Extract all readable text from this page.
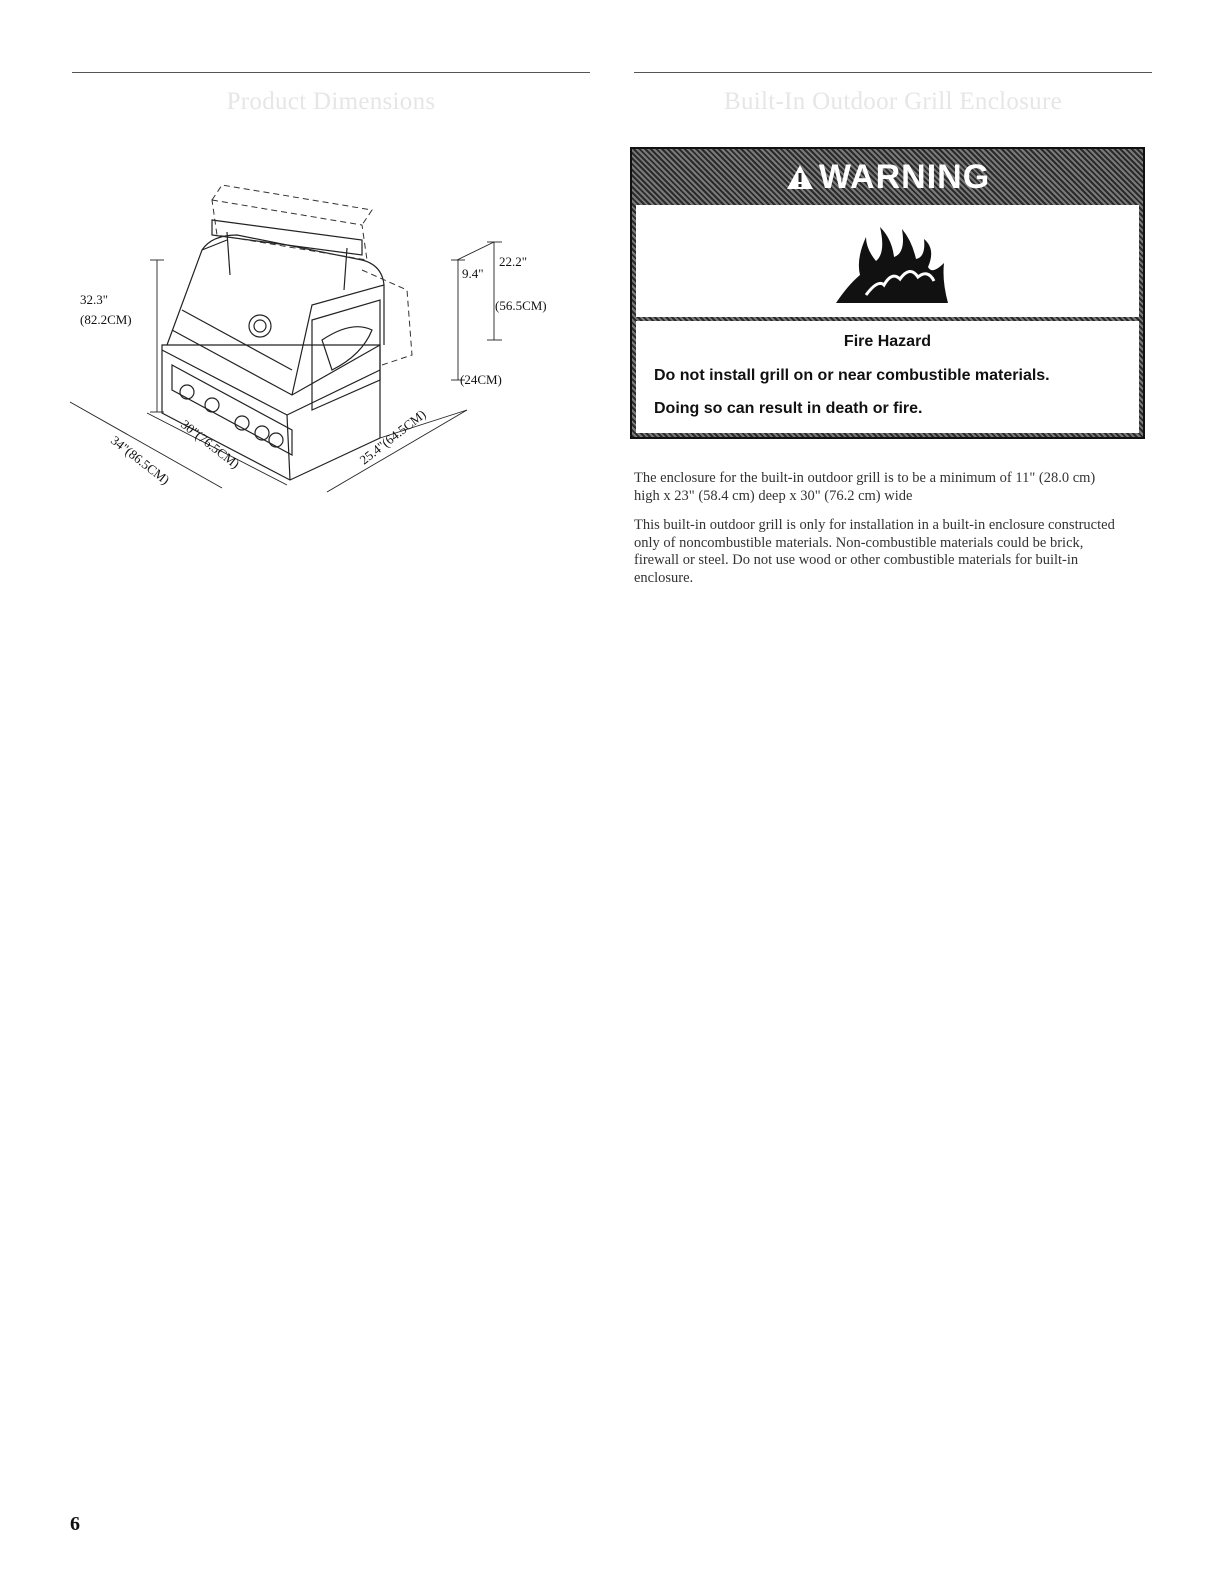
Product Dimensions	Built-In Outdoor Grill Enclosure
32.3"
(82.2CM)
22.2"
(56.5CM)
9.4"
(24CM)
34"(86.5CM) 30"(76.5CM)	25.4"(64.5CM)
WARNING
Fire Hazard
Do not install grill on or near combustible materials.
Doing so can result in death or fire.

The enclosure for the built-in outdoor grill is to be a minimum of 11" (28.0 cm) high x 23" (58.4 cm) deep x 30" (76.2 cm) wide

This built-in outdoor grill is only for installation in a built-in enclosure constructed only of noncombustible materials. Non-combustible materials could be brick, firewall or steel. Do not use wood or other combustible materials for built-in enclosure.

6
